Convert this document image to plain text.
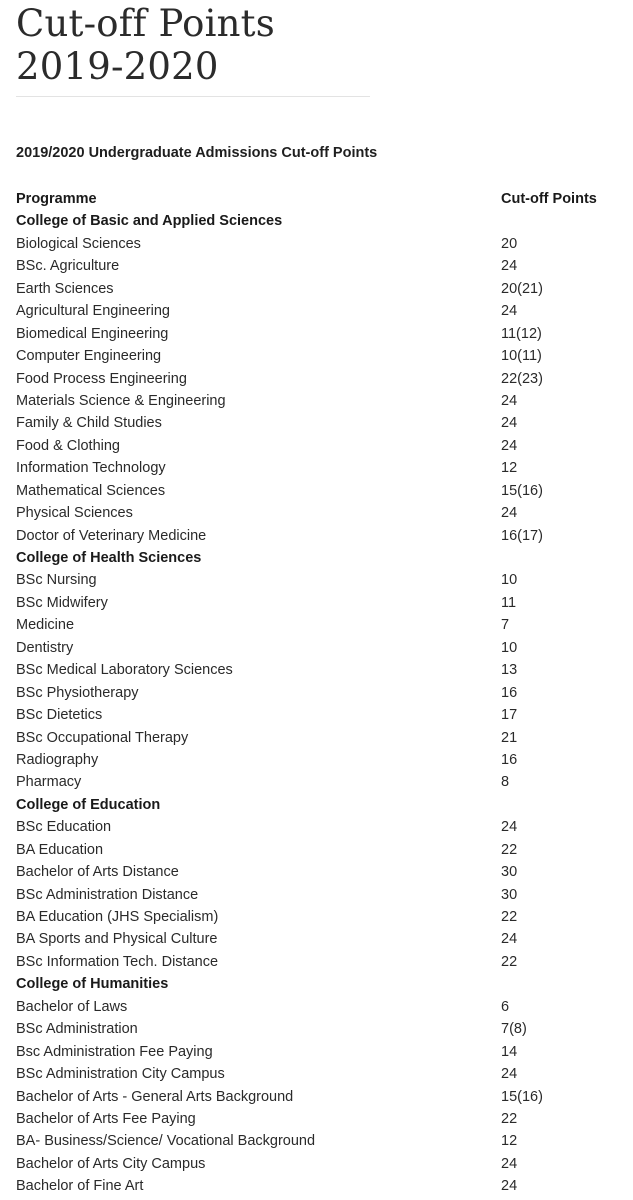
Cut-off Points
2019-2020
2019/2020 Undergraduate Admissions Cut-off Points
Programme	Cut-off Points
College of Basic and Applied Sciences
Biological Sciences	20
BSc. Agriculture	24
Earth Sciences	20(21)
Agricultural Engineering	24
Biomedical Engineering	11(12)
Computer Engineering	10(11)
Food Process Engineering	22(23)
Materials Science & Engineering	24
Family & Child Studies	24
Food & Clothing	24
Information Technology	12
Mathematical Sciences	15(16)
Physical Sciences	24
Doctor of Veterinary Medicine	16(17)
College of Health Sciences
BSc Nursing	10
BSc Midwifery	11
Medicine	7
Dentistry	10
BSc Medical Laboratory Sciences	13
BSc Physiotherapy	16
BSc Dietetics	17
BSc Occupational Therapy	21
Radiography	16
Pharmacy	8
College of Education
BSc Education	24
BA Education	22
Bachelor of Arts Distance	30
BSc Administration Distance	30
BA Education (JHS Specialism)	22
BA Sports and Physical Culture	24
BSc Information Tech. Distance	22
College of Humanities
Bachelor of Laws	6
BSc Administration	7(8)
Bsc Administration Fee Paying	14
BSc Administration City Campus	24
Bachelor of Arts - General Arts Background	15(16)
Bachelor of Arts Fee Paying	22
BA- Business/Science/ Vocational Background	12
Bachelor of Arts City Campus	24
Bachelor of Fine Art	24
